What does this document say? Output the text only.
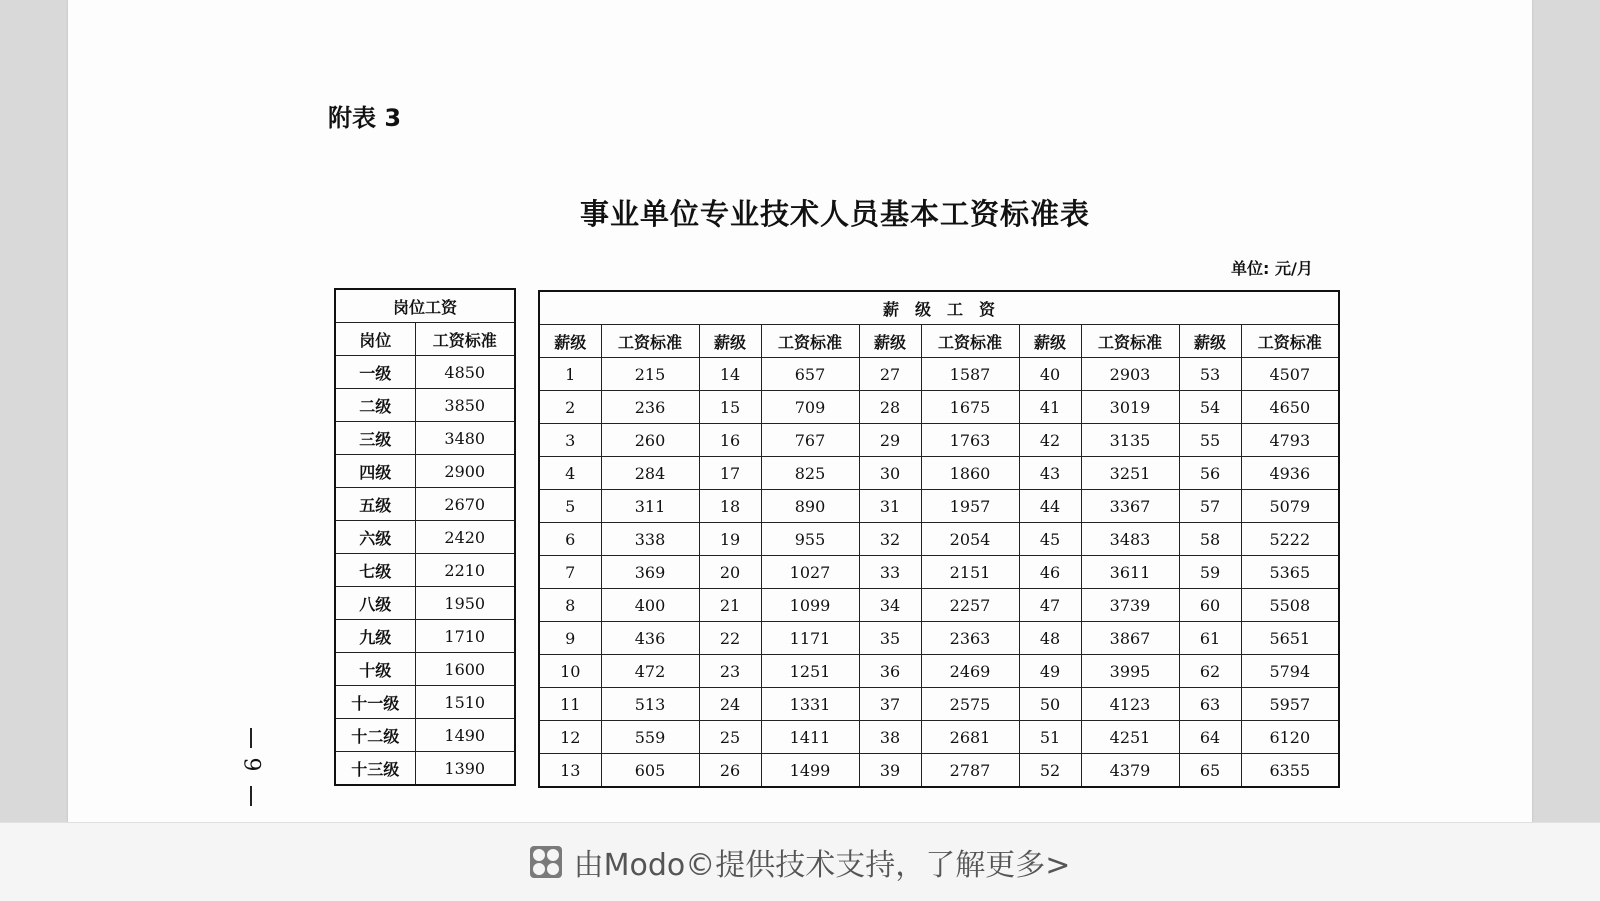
附表 3
事业单位专业技术人员基本工资标准表
单位: 元/月
岗位工资	
岗位	工资标准
一级	4850
二级	3850
三级	3480
四级	2900
五级	2670
六级	2420
七级	2210
八级	1950
九级	1710
十级	1600
十一级	1510
十二级	1490
十三级	1390
薪　级　工　资									
薪级	工资标准	薪级	工资标准	薪级	工资标准	薪级	工资标准	薪级	工资标准
1	215	14	657	27	1587	40	2903	53	4507
2	236	15	709	28	1675	41	3019	54	4650
3	260	16	767	29	1763	42	3135	55	4793
4	284	17	825	30	1860	43	3251	56	4936
5	311	18	890	31	1957	44	3367	57	5079
6	338	19	955	32	2054	45	3483	58	5222
7	369	20	1027	33	2151	46	3611	59	5365
8	400	21	1099	34	2257	47	3739	60	5508
9	436	22	1171	35	2363	48	3867	61	5651
10	472	23	1251	36	2469	49	3995	62	5794
11	513	24	1331	37	2575	50	4123	63	5957
12	559	25	1411	38	2681	51	4251	64	6120
13	605	26	1499	39	2787	52	4379	65	6355
9
由Modo©提供技术支持，了解更多>
